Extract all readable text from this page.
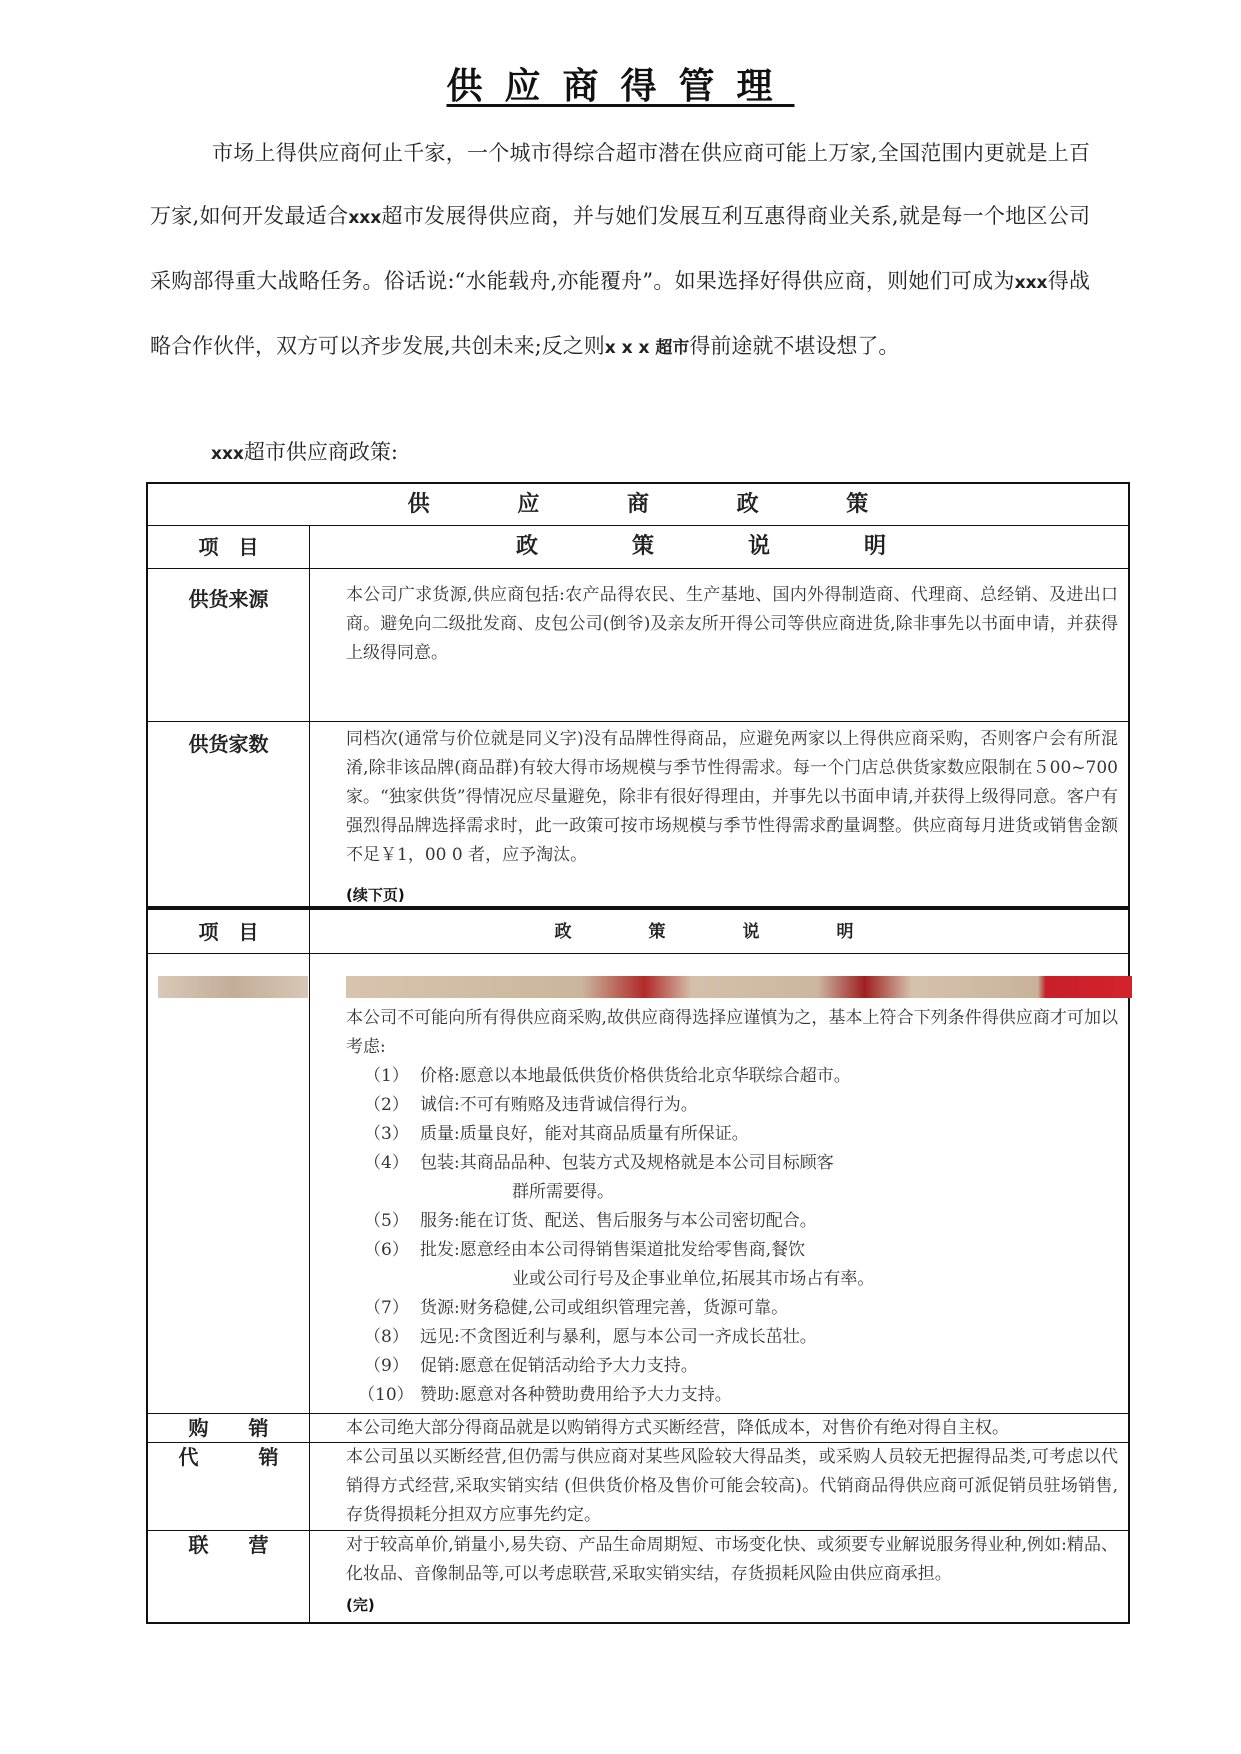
供应商得管理

市场上得供应商何止千家，一个城市得综合超市潜在供应商可能上万家,全国范围内更就是上百万家,如何开发最适合xxx超市发展得供应商，并与她们发展互利互惠得商业关系,就是每一个地区公司采购部得重大战略任务。俗话说:“水能载舟,亦能覆舟”。如果选择好得供应商，则她们可成为xxx得战略合作伙伴，双方可以齐步发展,共创未来;反之则x x x 超市得前途就不堪设想了。

xxx超市供应商政策:
供 应 商 政 策
项　目	政　策　说　明
供货来源	本公司广求货源,供应商包括:农产品得农民、生产基地、国内外得制造商、代理商、总经销、及进出口商。避免向二级批发商、皮包公司(倒爷)及亲友所开得公司等供应商进货,除非事先以书面申请，并获得上级得同意。
供货家数	同档次(通常与价位就是同义字)没有品牌性得商品，应避免两家以上得供应商采购，否则客户会有所混淆,除非该品牌(商品群)有较大得市场规模与季节性得需求。每一个门店总供货家数应限制在５00~700家。“独家供货”得情况应尽量避免，除非有很好得理由，并事先以书面申请,并获得上级得同意。客户有强烈得品牌选择需求时，此一政策可按市场规模与季节性得需求酌量调整。供应商每月进货或销售金额不足￥1，00 0 者，应予淘汰。
(续下页)
项　目	政　策　说　明
本公司不可能向所有得供应商采购,故供应商得选择应谨慎为之，基本上符合下列条件得供应商才可加以考虑:
（1） 价格:愿意以本地最低供货价格供货给北京华联综合超市。
（2） 诚信:不可有贿赂及违背诚信得行为。
（3） 质量:质量良好，能对其商品质量有所保证。
（4） 包装:其商品品种、包装方式及规格就是本公司目标顾客
群所需要得。
（5） 服务:能在订货、配送、售后服务与本公司密切配合。
（6） 批发:愿意经由本公司得销售渠道批发给零售商,餐饮
业或公司行号及企事业单位,拓展其市场占有率。
（7） 货源:财务稳健,公司或组织管理完善，货源可靠。
（8） 远见:不贪图近利与暴利，愿与本公司一齐成长茁壮。
（9） 促销:愿意在促销活动给予大力支持。
（10） 赞助:愿意对各种赞助费用给予大力支持。
购　　销	本公司绝大部分得商品就是以购销得方式买断经营，降低成本，对售价有绝对得自主权。
代　　　销	本公司虽以买断经营,但仍需与供应商对某些风险较大得品类，或采购人员较无把握得品类,可考虑以代销得方式经营,采取实销实结 (但供货价格及售价可能会较高)。代销商品得供应商可派促销员驻场销售,存货得损耗分担双方应事先约定。
联　　营	对于较高单价,销量小,易失窃、产品生命周期短、市场变化快、或须要专业解说服务得业种,例如:精品、化妆品、音像制品等,可以考虑联营,采取实销实结，存货损耗风险由供应商承担。
(完)
